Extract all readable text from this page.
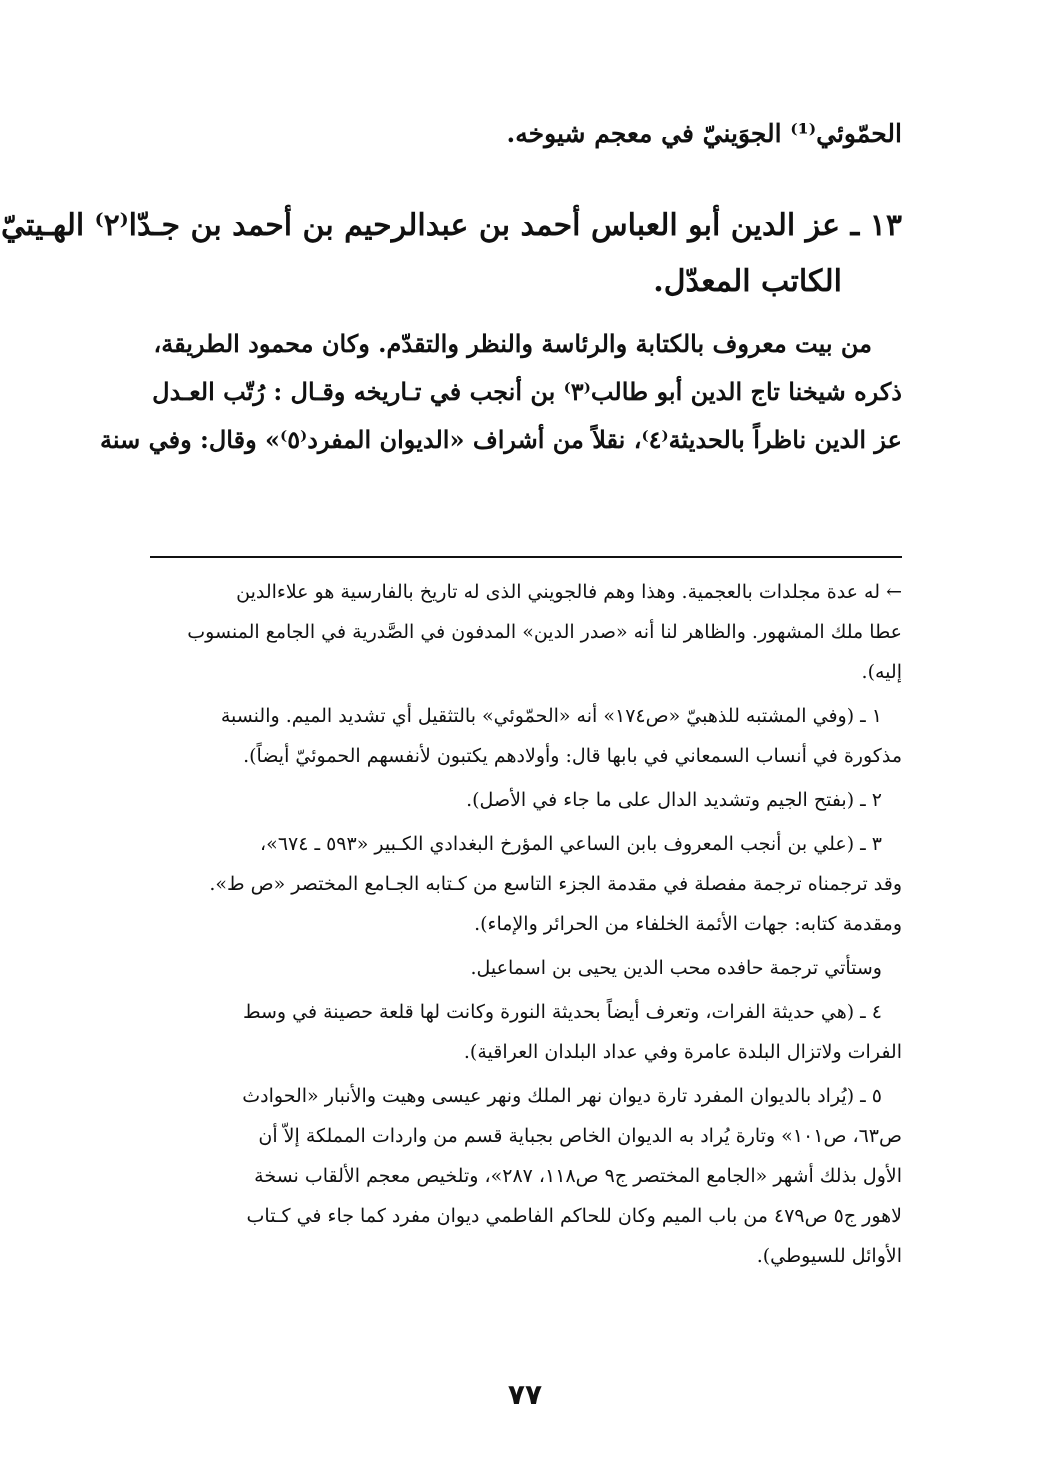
الحمّوئي⁽¹⁾ الجوَينيّ في معجم شيوخه.
١٣ ـ عز الدين أبو العباس أحمد بن عبدالرحيم بن أحمد بن جـدّا⁽٢⁾ الهـيتيّ
الكاتب المعدّل.
من بيت معروف بالكتابة والرئاسة والنظر والتقدّم. وكان محمود الطريقة،
ذكره شيخنا تاج الدين أبو طالب⁽٣⁾ بن أنجب في تـاريخه وقـال : رُتّب العـدل
عز الدين ناظراً بالحديثة⁽٤⁾، نقلاً من أشراف «الديوان المفرد⁽٥⁾» وقال: وفي سنة
← له عدة مجلدات بالعجمية. وهذا وهم فالجويني الذى له تاريخ بالفارسية هو علاءالدين
عطا ملك المشهور. والظاهر لنا أنه «صدر الدين» المدفون في الصَّدرية في الجامع المنسوب
إليه).
١ ـ (وفي المشتبه للذهبيّ «ص١٧٤» أنه «الحمّوئي» بالتثقيل أي تشديد الميم. والنسبة
مذكورة في أنساب السمعاني في بابها قال: وأولادهم يكتبون لأنفسهم الحموئيّ أيضاً).
٢ ـ (بفتح الجيم وتشديد الدال على ما جاء في الأصل).
٣ ـ (علي بن أنجب المعروف بابن الساعي المؤرخ البغدادي الكـبير «٥٩٣ ـ ٦٧٤»،
وقد ترجمناه ترجمة مفصلة في مقدمة الجزء التاسع من كـتابه الجـامع المختصر «ص ط».
ومقدمة كتابه: جهات الأئمة الخلفاء من الحرائر والإماء).
وستأتي ترجمة حافده محب الدين يحيى بن اسماعيل.
٤ ـ (هي حديثة الفرات، وتعرف أيضاً بحديثة النورة وكانت لها قلعة حصينة في وسط
الفرات ولاتزال البلدة عامرة وفي عداد البلدان العراقية).
٥ ـ (يُراد بالديوان المفرد تارة ديوان نهر الملك ونهر عيسى وهيت والأنبار «الحوادث
ص٦٣، ص١٠١» وتارة يُراد به الديوان الخاص بجباية قسم من واردات المملكة إلاّ أن
الأول بذلك أشهر «الجامع المختصر ج٩ ص١١٨، ٢٨٧»، وتلخيص معجم الألقاب نسخة
لاهور ج٥ ص٤٧٩ من باب الميم وكان للحاكم الفاطمي ديوان مفرد كما جاء في كـتاب
الأوائل للسيوطي).
٧٧
